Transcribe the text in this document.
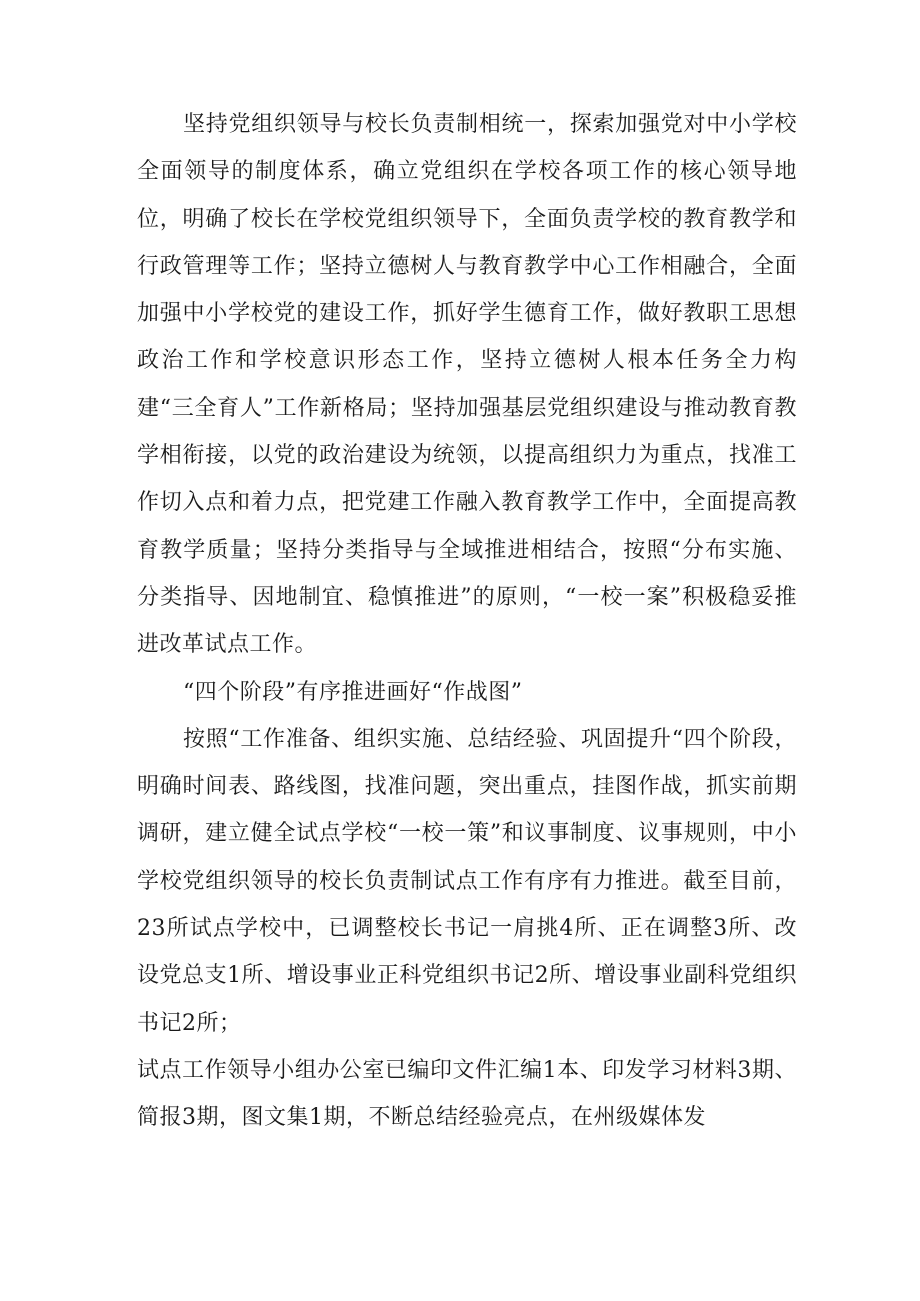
坚持党组织领导与校长负责制相统一，探索加强党对中小学校全面领导的制度体系，确立党组织在学校各项工作的核心领导地位，明确了校长在学校党组织领导下，全面负责学校的教育教学和行政管理等工作；坚持立德树人与教育教学中心工作相融合，全面加强中小学校党的建设工作，抓好学生德育工作，做好教职工思想政治工作和学校意识形态工作，坚持立德树人根本任务全力构建“三全育人”工作新格局；坚持加强基层党组织建设与推动教育教学相衔接，以党的政治建设为统领，以提高组织力为重点，找准工作切入点和着力点，把党建工作融入教育教学工作中，全面提高教育教学质量；坚持分类指导与全域推进相结合，按照“分布实施、分类指导、因地制宜、稳慎推进”的原则，“一校一案”积极稳妥推进改革试点工作。

“四个阶段”有序推进画好“作战图”

按照“工作准备、组织实施、总结经验、巩固提升“四个阶段，明确时间表、路线图，找准问题，突出重点，挂图作战，抓实前期调研，建立健全试点学校“一校一策”和议事制度、议事规则，中小学校党组织领导的校长负责制试点工作有序有力推进。截至目前，23所试点学校中，已调整校长书记一肩挑4所、正在调整3所、改设党总支1所、增设事业正科党组织书记2所、增设事业副科党组织书记2所；

试点工作领导小组办公室已编印文件汇编1本、印发学习材料3期、简报3期，图文集1期，不断总结经验亮点，在州级媒体发
